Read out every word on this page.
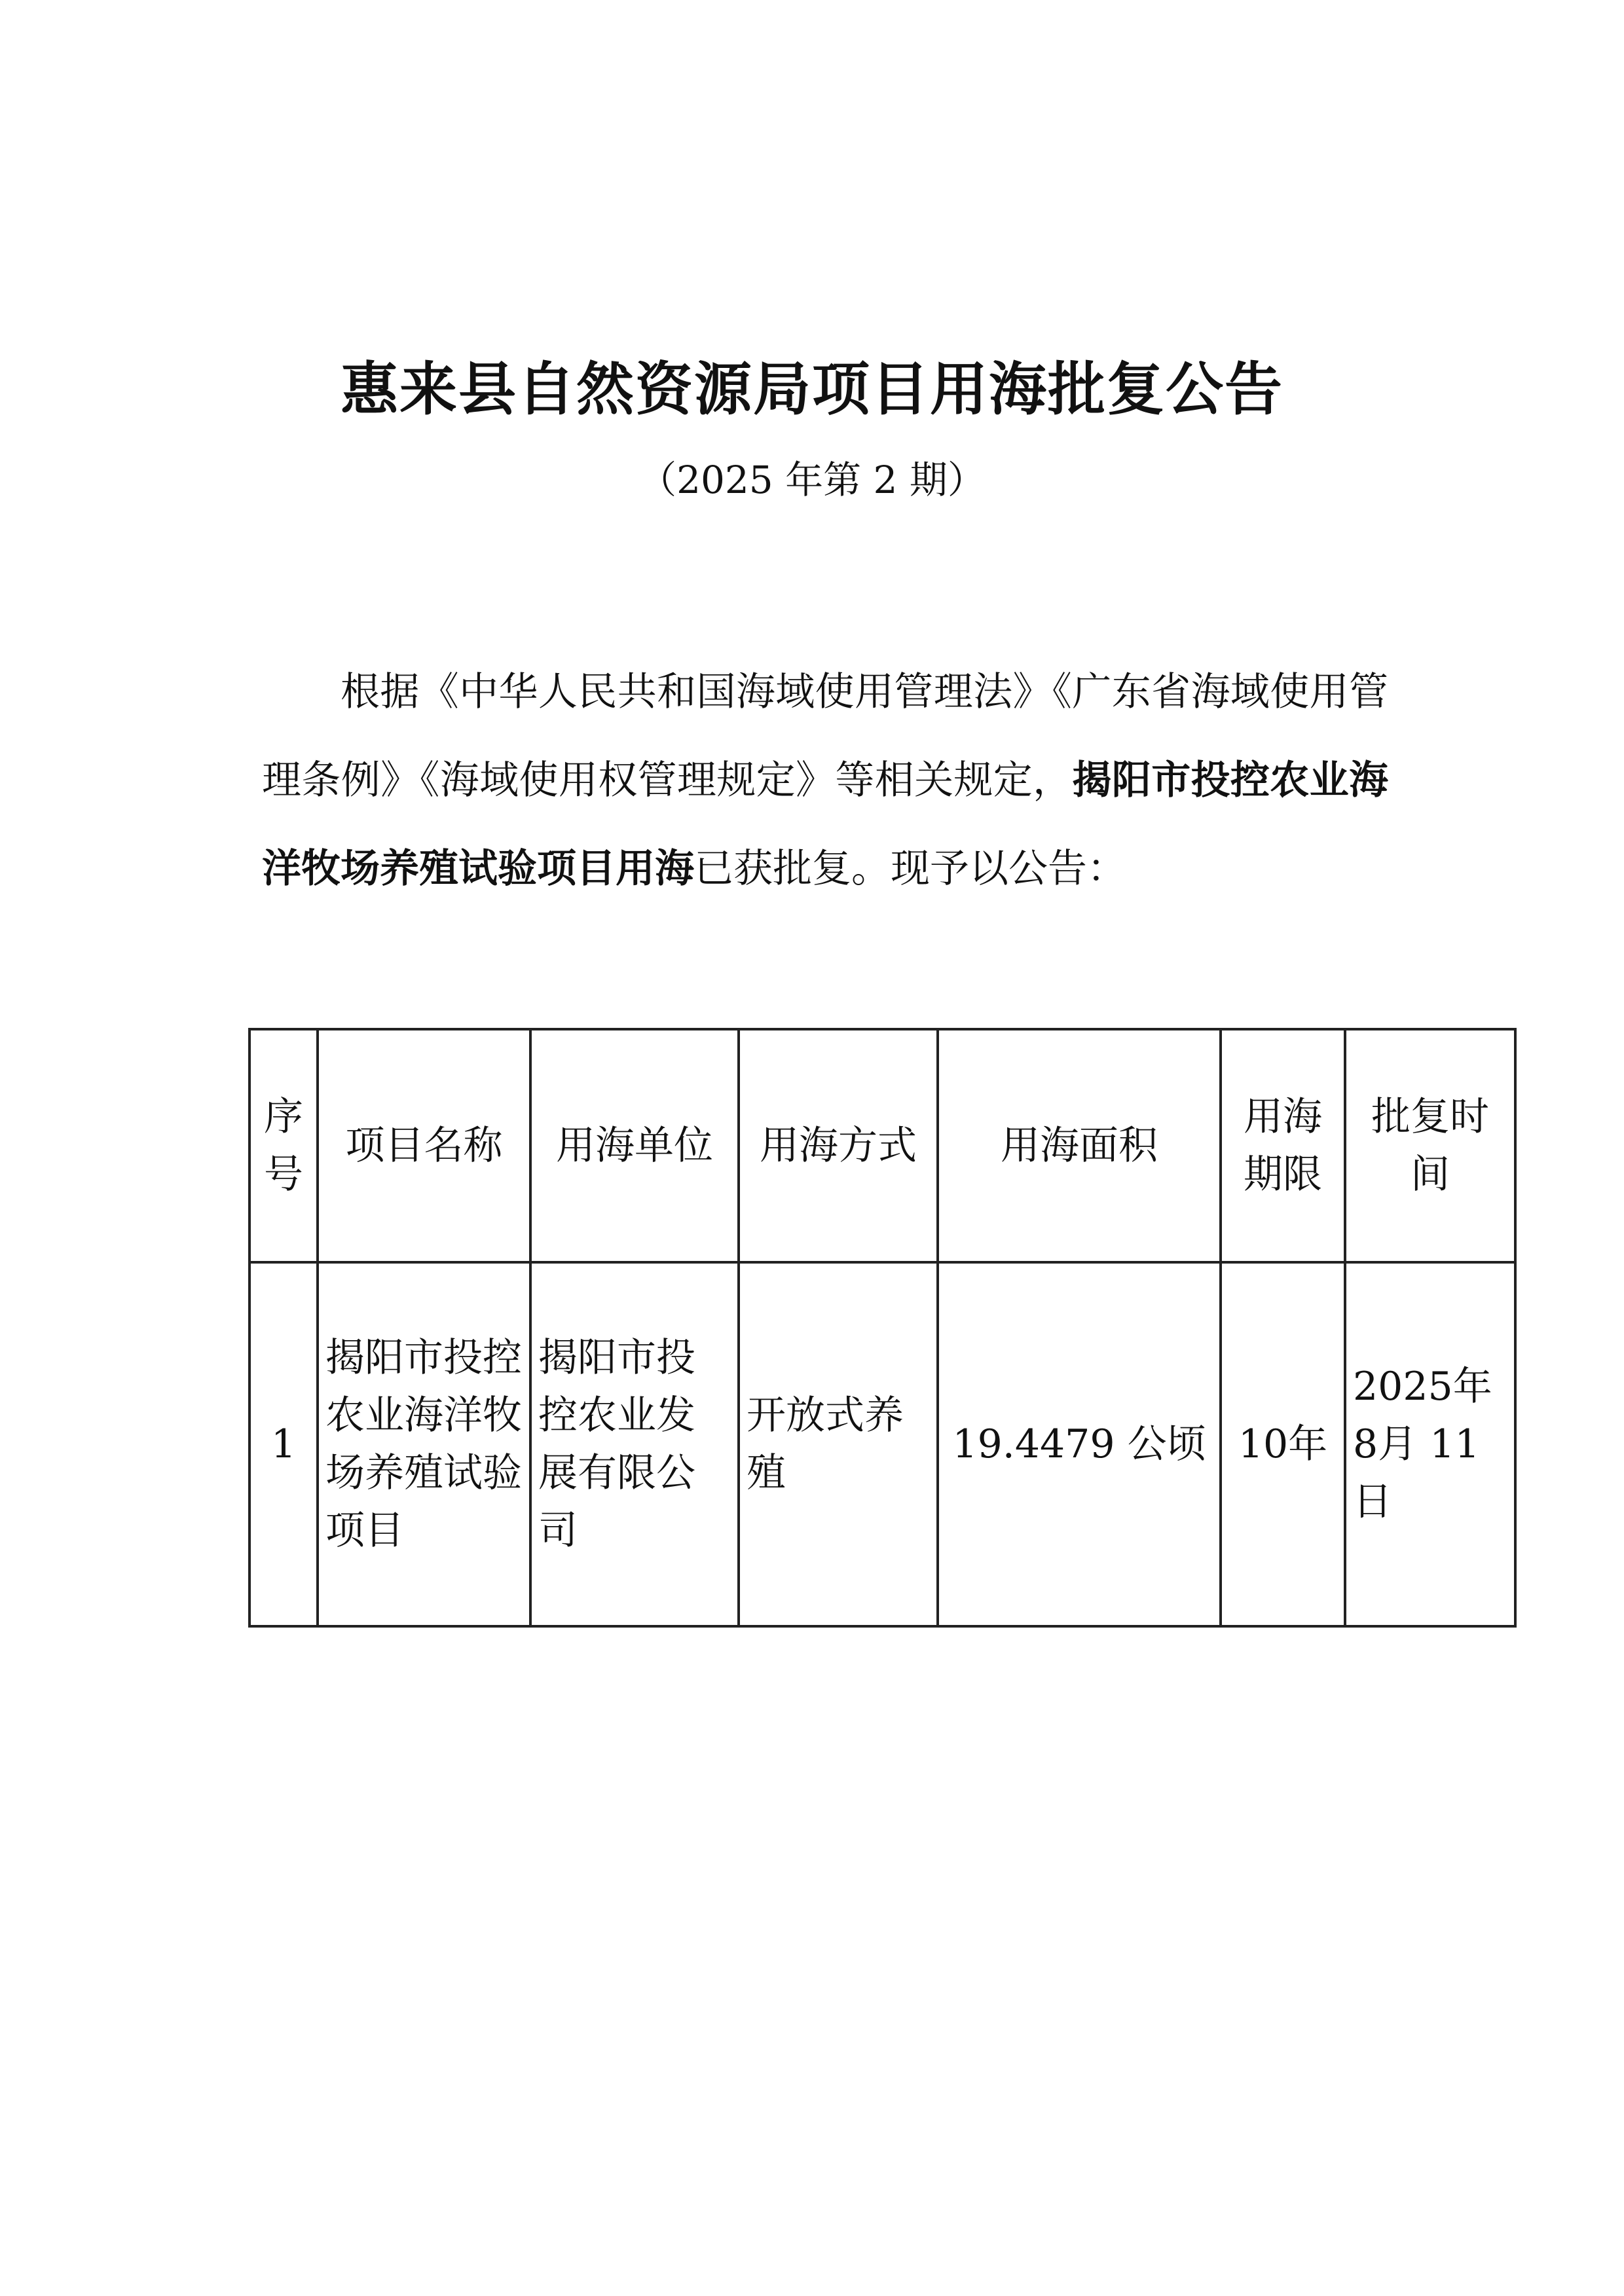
惠来县自然资源局项目用海批复公告
（2025 年第 2 期）

根据《中华人民共和国海域使用管理法》《广东省海域使用管理条例》《海域使用权管理规定》等相关规定，揭阳市投控农业海洋牧场养殖试验项目用海已获批复。现予以公告：

序号	项目名称	用海单位	用海方式	用海面积	用海期限	批复时间
1	揭阳市投控农业海洋牧场养殖试验项目	揭阳市投控农业发展有限公司	开放式养殖	19.4479 公顷	10年	2025年8月 11 日
